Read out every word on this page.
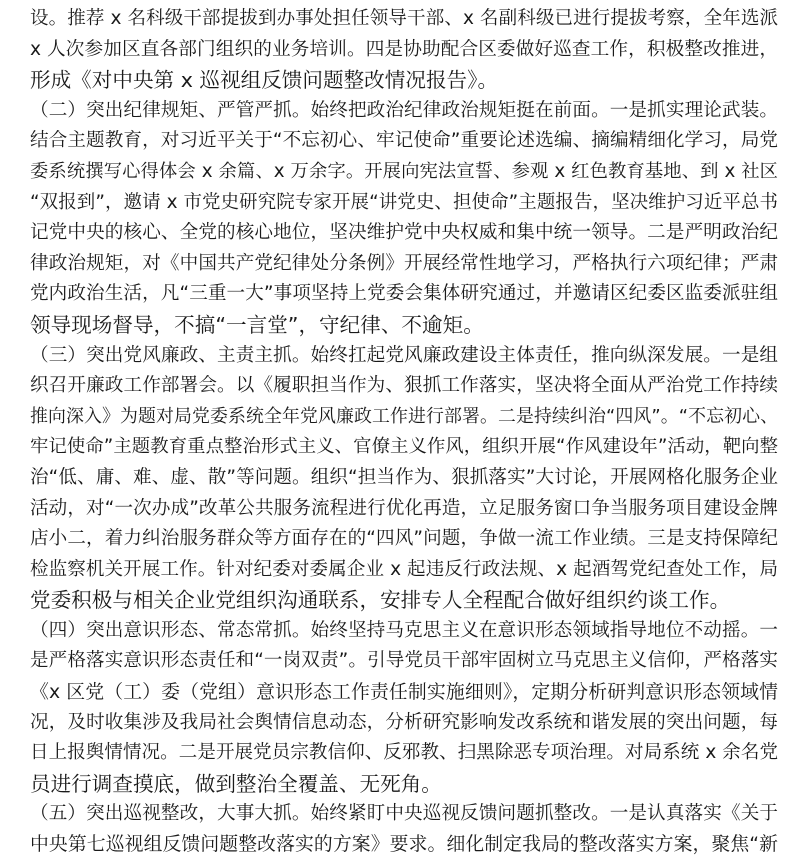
设。推荐 x 名科级干部提拔到办事处担任领导干部、x 名副科级已进行提拔考察，全年选派
x 人次参加区直各部门组织的业务培训。四是协助配合区委做好巡查工作，积极整改推进，
形成《对中央第 x 巡视组反馈问题整改情况报告》。
（二）突出纪律规矩、严管严抓。始终把政治纪律政治规矩挺在前面。一是抓实理论武装。
结合主题教育，对习近平关于“不忘初心、牢记使命”重要论述选编、摘编精细化学习，局党
委系统撰写心得体会 x 余篇、x 万余字。开展向宪法宣誓、参观 x 红色教育基地、到 x 社区
“双报到”，邀请 x 市党史研究院专家开展“讲党史、担使命”主题报告，坚决维护习近平总书
记党中央的核心、全党的核心地位，坚决维护党中央权威和集中统一领导。二是严明政治纪
律政治规矩，对《中国共产党纪律处分条例》开展经常性地学习，严格执行六项纪律；严肃
党内政治生活，凡“三重一大”事项坚持上党委会集体研究通过，并邀请区纪委区监委派驻组
领导现场督导，不搞“一言堂”，守纪律、不逾矩。
（三）突出党风廉政、主责主抓。始终扛起党风廉政建设主体责任，推向纵深发展。一是组
织召开廉政工作部署会。以《履职担当作为、狠抓工作落实，坚决将全面从严治党工作持续
推向深入》为题对局党委系统全年党风廉政工作进行部署。二是持续纠治“四风”。“不忘初心、
牢记使命”主题教育重点整治形式主义、官僚主义作风，组织开展“作风建设年”活动，靶向整
治“低、庸、难、虚、散”等问题。组织“担当作为、狠抓落实”大讨论，开展网格化服务企业
活动，对“一次办成”改革公共服务流程进行优化再造，立足服务窗口争当服务项目建设金牌
店小二，着力纠治服务群众等方面存在的“四风”问题，争做一流工作业绩。三是支持保障纪
检监察机关开展工作。针对纪委对委属企业 x 起违反行政法规、x 起酒驾党纪查处工作，局
党委积极与相关企业党组织沟通联系，安排专人全程配合做好组织约谈工作。
（四）突出意识形态、常态常抓。始终坚持马克思主义在意识形态领域指导地位不动摇。一
是严格落实意识形态责任和“一岗双责”。引导党员干部牢固树立马克思主义信仰，严格落实
《x 区党（工）委（党组）意识形态工作责任制实施细则》，定期分析研判意识形态领域情
况，及时收集涉及我局社会舆情信息动态，分析研究影响发改系统和谐发展的突出问题，每
日上报舆情情况。二是开展党员宗教信仰、反邪教、扫黑除恶专项治理。对局系统 x 余名党
员进行调查摸底，做到整治全覆盖、无死角。
（五）突出巡视整改，大事大抓。始终紧盯中央巡视反馈问题抓整改。一是认真落实《关于
中央第七巡视组反馈问题整改落实的方案》要求。细化制定我局的整改落实方案，聚焦“新
